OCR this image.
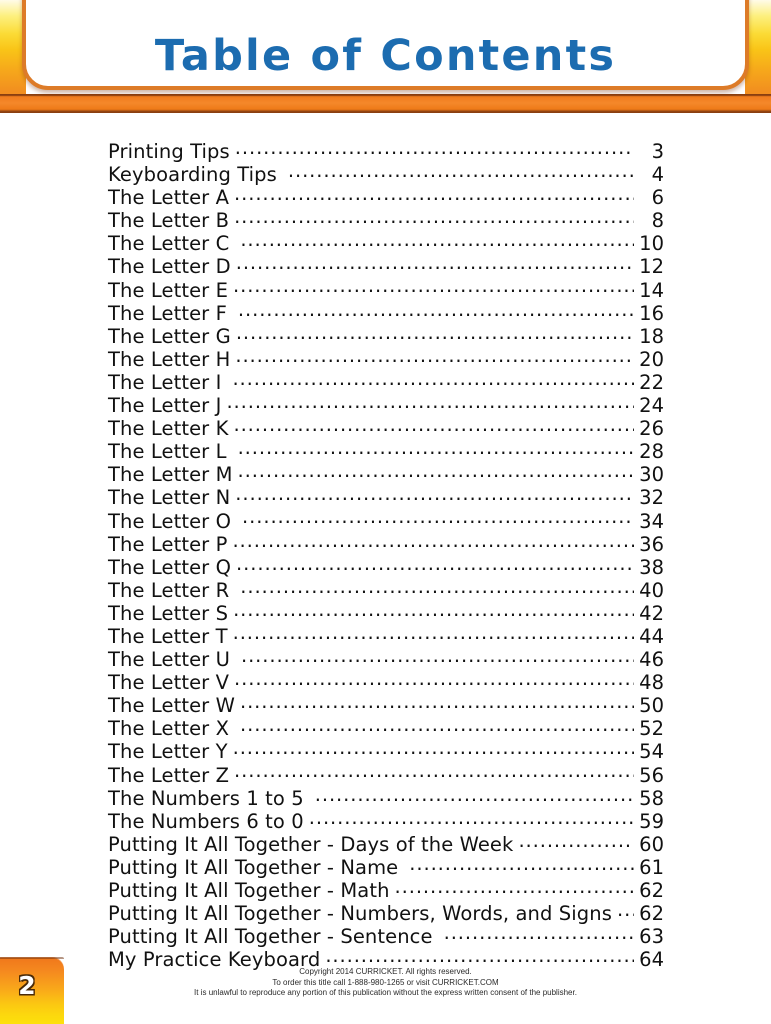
Table of Contents
Printing Tips .....	3
Keyboarding Tips .....	4
The Letter A .....	6
The Letter B .....	8
The Letter C .....	10
The Letter D .....	12
The Letter E .....	14
The Letter F .....	16
The Letter G .....	18
The Letter H .....	20
The Letter I .....	22
The Letter J .....	24
The Letter K .....	26
The Letter L .....	28
The Letter M .....	30
The Letter N .....	32
The Letter O .....	34
The Letter P .....	36
The Letter Q .....	38
The Letter R .....	40
The Letter S .....	42
The Letter T .....	44
The Letter U .....	46
The Letter V .....	48
The Letter W .....	50
The Letter X .....	52
The Letter Y .....	54
The Letter Z .....	56
The Numbers 1 to 5 .....	58
The Numbers 6 to 0 .....	59
Putting It All Together - Days of the Week .....	60
Putting It All Together - Name .....	61
Putting It All Together - Math .....	62
Putting It All Together - Numbers, Words, and Signs ..... 62
Putting It All Together - Sentence .....	63
My Practice Keyboard .....	64
Copyright 2014 CURRICKET. All rights reserved.
To order this title call 1-888-980-1265 or visit CURRICKET.COM
It is unlawful to reproduce any portion of this publication without the express written consent of the publisher.
2
